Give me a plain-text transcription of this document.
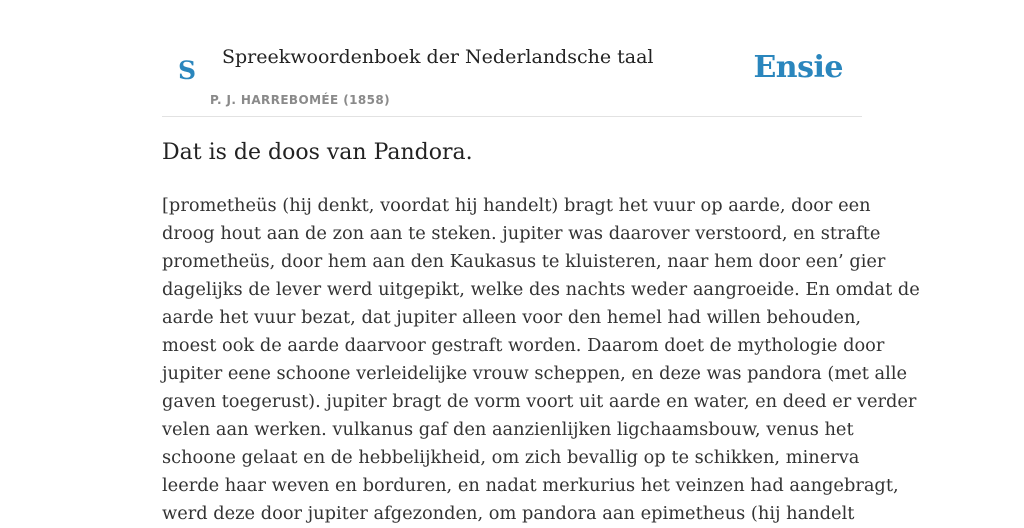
S Spreekwoordenboek der Nederlandsche taal
P. J. HARREBOMÉE (1858)
Ensie
Dat is de doos van Pandora.

[prometheüs (hij denkt, voordat hij handelt) bragt het vuur op aarde, door een
droog hout aan de zon aan te steken. jupiter was daarover verstoord, en strafte
prometheüs, door hem aan den Kaukasus te kluisteren, naar hem door een’ gier
dagelijks de lever werd uitgepikt, welke des nachts weder aangroeide. En omdat de
aarde het vuur bezat, dat jupiter alleen voor den hemel had willen behouden,
moest ook de aarde daarvoor gestraft worden. Daarom doet de mythologie door
jupiter eene schoone verleidelijke vrouw scheppen, en deze was pandora (met alle
gaven toegerust). jupiter bragt de vorm voort uit aarde en water, en deed er verder
velen aan werken. vulkanus gaf den aanzienlijken ligchaamsbouw, venus het
schoone gelaat en de hebbelijkheid, om zich bevallig op te schikken, minerva
leerde haar weven en borduren, en nadat merkurius het veinzen had aangebragt,
werd deze door jupiter afgezonden, om pandora aan epimetheus (hij handelt
